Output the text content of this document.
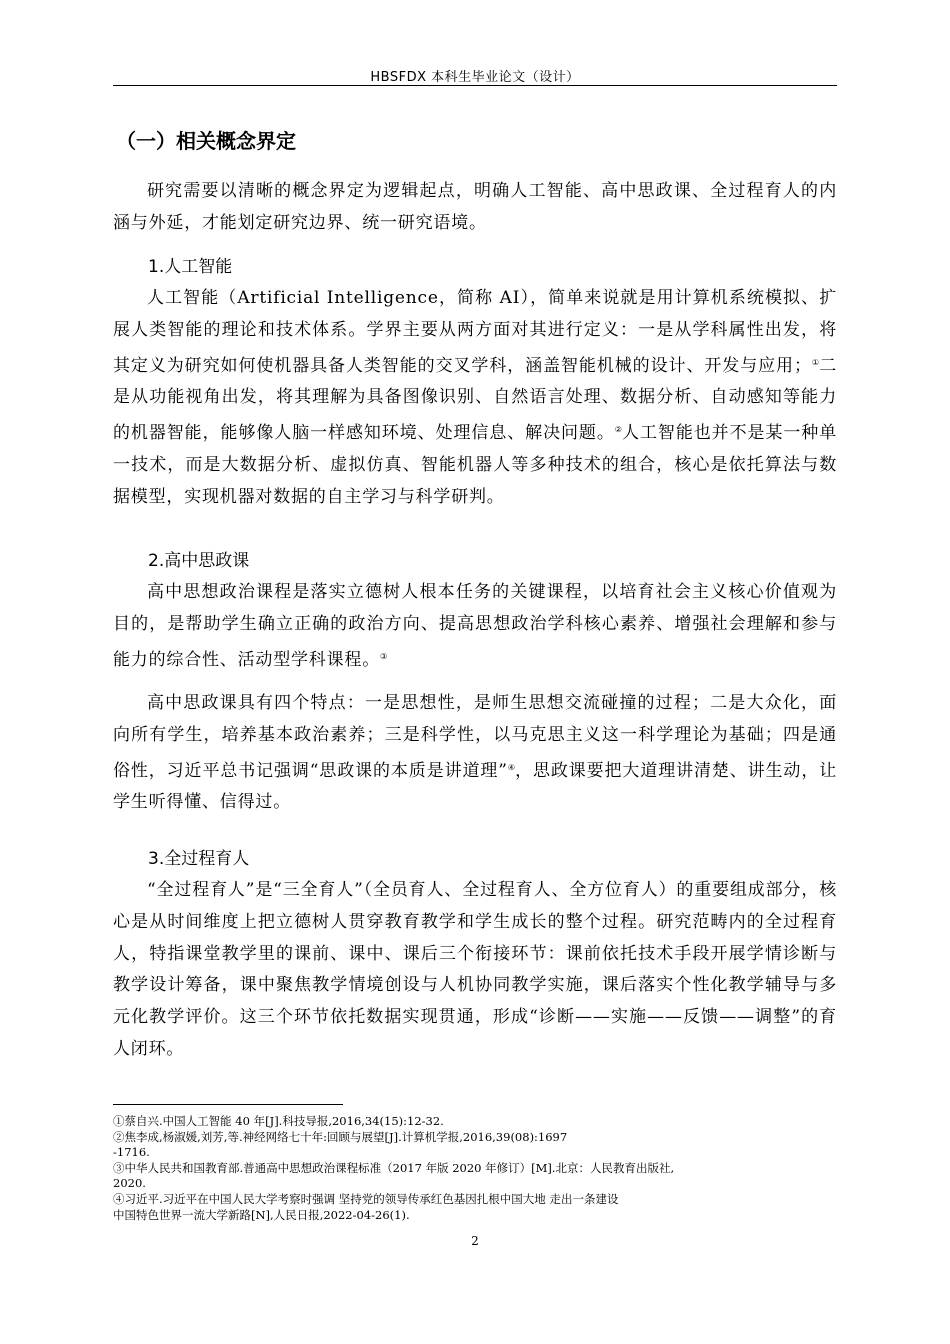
HBSFDX 本科生毕业论文（设计）
（一）相关概念界定

研究需要以清晰的概念界定为逻辑起点，明确人工智能、高中思政课、全过程育人的内涵与外延，才能划定研究边界、统一研究语境。

1.人工智能

人工智能（Artificial Intelligence，简称 AI），简单来说就是用计算机系统模拟、扩展人类智能的理论和技术体系。学界主要从两方面对其进行定义：一是从学科属性出发，将其定义为研究如何使机器具备人类智能的交叉学科，涵盖智能机械的设计、开发与应用；①二是从功能视角出发，将其理解为具备图像识别、自然语言处理、数据分析、自动感知等能力的机器智能，能够像人脑一样感知环境、处理信息、解决问题。②人工智能也并不是某一种单一技术，而是大数据分析、虚拟仿真、智能机器人等多种技术的组合，核心是依托算法与数据模型，实现机器对数据的自主学习与科学研判。

2.高中思政课

高中思想政治课程是落实立德树人根本任务的关键课程，以培育社会主义核心价值观为目的，是帮助学生确立正确的政治方向、提高思想政治学科核心素养、增强社会理解和参与能力的综合性、活动型学科课程。③

高中思政课具有四个特点：一是思想性，是师生思想交流碰撞的过程；二是大众化，面向所有学生，培养基本政治素养；三是科学性，以马克思主义这一科学理论为基础；四是通俗性，习近平总书记强调“思政课的本质是讲道理”④，思政课要把大道理讲清楚、讲生动，让学生听得懂、信得过。

3.全过程育人

“全过程育人”是“三全育人”（全员育人、全过程育人、全方位育人）的重要组成部分，核心是从时间维度上把立德树人贯穿教育教学和学生成长的整个过程。研究范畴内的全过程育人，特指课堂教学里的课前、课中、课后三个衔接环节：课前依托技术手段开展学情诊断与教学设计筹备，课中聚焦教学情境创设与人机协同教学实施，课后落实个性化教学辅导与多元化教学评价。这三个环节依托数据实现贯通，形成“诊断——实施——反馈——调整”的育人闭环。

①蔡自兴.中国人工智能 40 年[J].科技导报,2016,34(15):12-32.

②焦李成,杨淑媛,刘芳,等.神经网络七十年:回顾与展望[J].计算机学报,2016,39(08):1697

-1716.

③中华人民共和国教育部.普通高中思想政治课程标准（2017 年版 2020 年修订）[M].北京：人民教育出版社,

2020.

④习近平.习近平在中国人民大学考察时强调 坚持党的领导传承红色基因扎根中国大地 走出一条建设

中国特色世界一流大学新路[N],人民日报,2022-04-26(1).

2
